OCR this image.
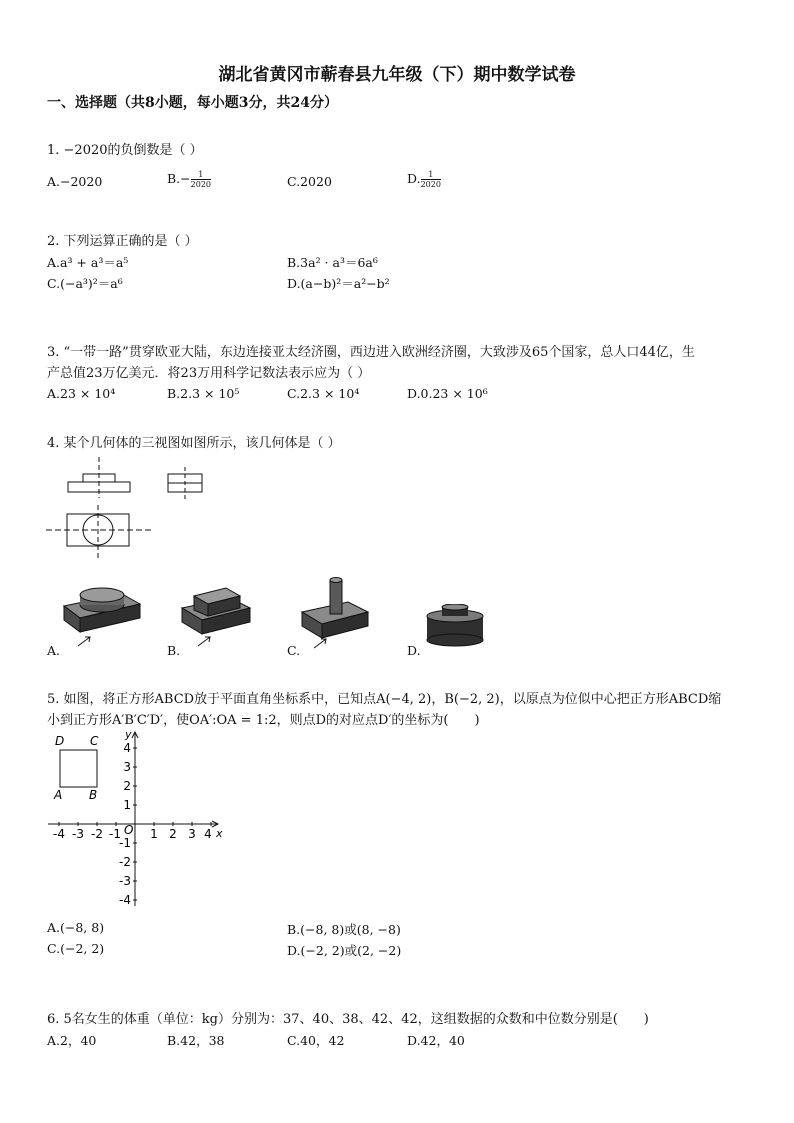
湖北省黄冈市蕲春县九年级（下）期中数学试卷
一、选择题（共8小题，每小题3分，共24分）
1. −2020的负倒数是（ ）
A.−2020	$B.- \frac{1}{2020}$	C.2020	D. $\frac{1}{2020}$
2. 下列运算正确的是（ ）
A.a³ + a³＝a⁵	B.3a² · a³＝6a⁶
C.(−a³)²＝a⁶	D.(a−b)²＝a²−b²
3. “一带一路”贯穿欧亚大陆，东边连接亚太经济圈，西边进入欧洲经济圈，大致涉及65个国家，总人口44亿，生
产总值23万亿美元．将23万用科学记数法表示应为（ ）
A.23 × 10⁴	B.2.3 × 10⁵	C.2.3 × 10⁴	D.0.23 × 10⁶
4. 某个几何体的三视图如图所示，该几何体是（ ）
A.	B.	C.	D.
5. 如图，将正方形ABCD放于平面直角坐标系中，已知点A(−4, 2)，B(−2, 2)，以原点为位似中心把正方形ABCD缩
小到正方形A′B′C′D′，使OA′:OA = 1:2，则点D的对应点D′的坐标为(　　)
D C
A B
x
y
O
-4 -3 -2 -1 1 2 3 4
4
3
2
1
-1
-2
-3
-4
A.(−8, 8)	B.(−8, 8)或(8, −8)
C.(−2, 2)	D.(−2, 2)或(2, −2)
6. 5名女生的体重（单位：kg）分别为：37、40、38、42、42，这组数据的众数和中位数分别是(　　)
A.2，40	B.42，38	C.40，42	D.42，40
